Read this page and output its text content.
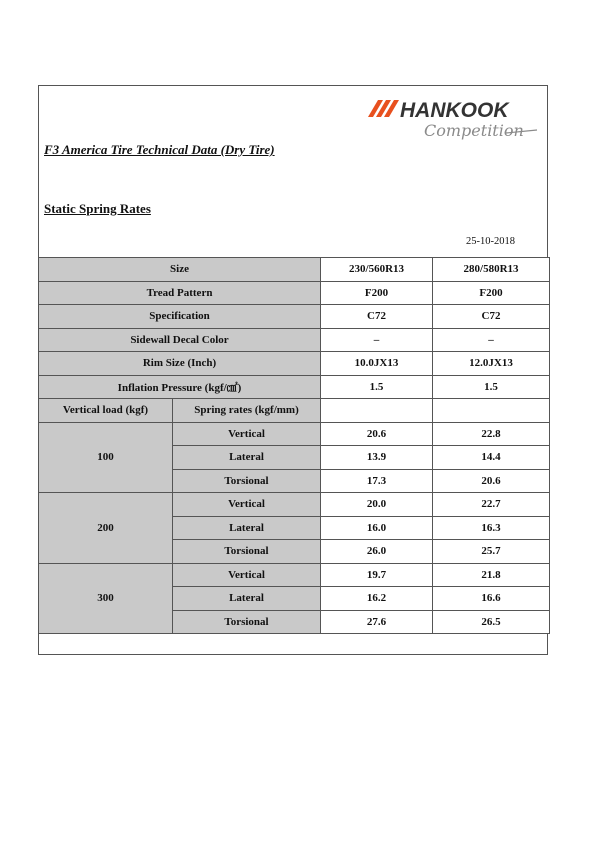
HANKOOK
Competition
F3 America Tire Technical Data (Dry Tire)
Static Spring Rates
25-10-2018
Size		230/560R13	280/580R13
Tread Pattern		F200	F200
Specification		C72	C72
Sidewall Decal Color		–	–
Rim Size (Inch)		10.0JX13	12.0JX13
Inflation Pressure (kgf/㎠)		1.5	1.5
Vertical load (kgf)	Spring rates (kgf/mm)		
100	Vertical	20.6	22.8
	Lateral	13.9	14.4
	Torsional	17.3	20.6
200	Vertical	20.0	22.7
	Lateral	16.0	16.3
	Torsional	26.0	25.7
300	Vertical	19.7	21.8
	Lateral	16.2	16.6
	Torsional	27.6	26.5
